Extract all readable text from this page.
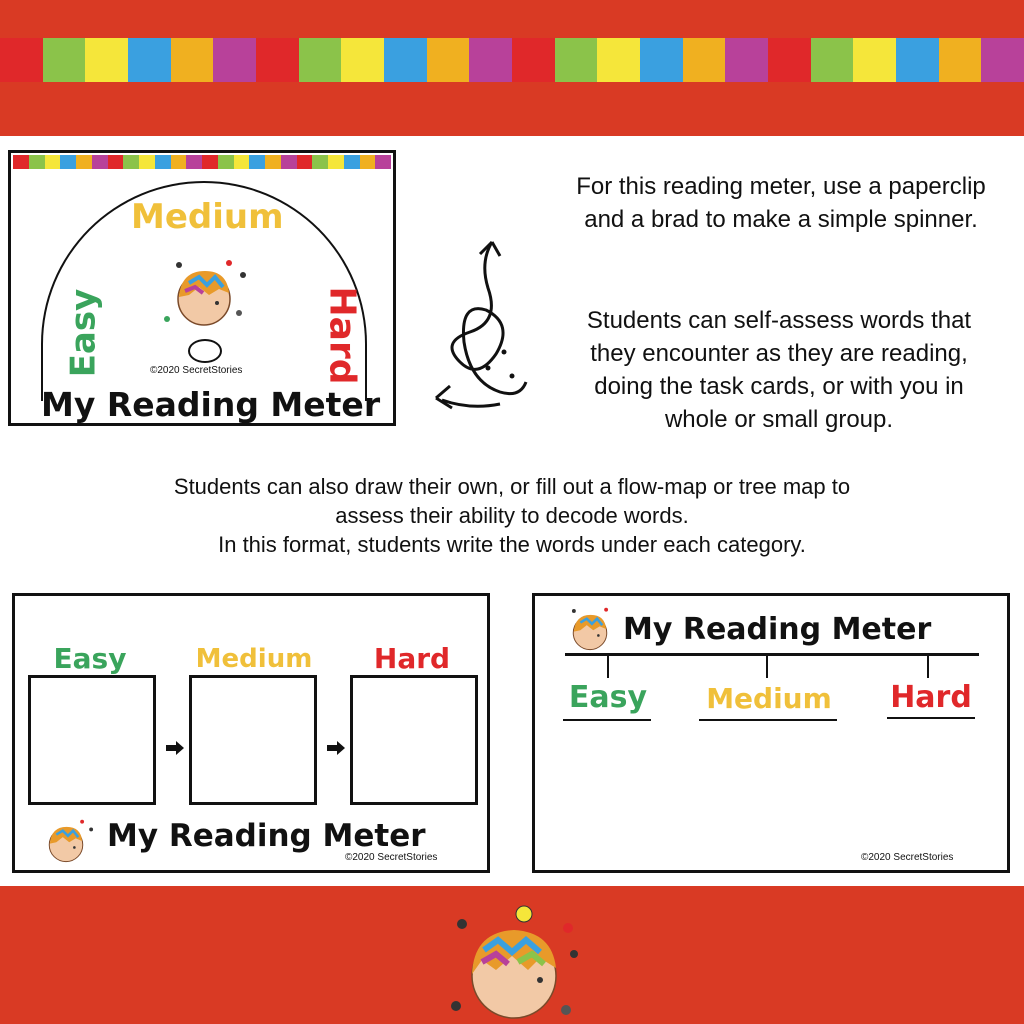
Medium
Easy	Hard
©2020 SecretStories
My Reading Meter
For this reading meter, use a paperclip and a brad to make a simple spinner.
Students can self-assess words that they encounter as they are reading, doing the task cards, or with you in whole or small group.
Students can also draw their own, or fill out a flow-map or tree map to
assess their ability to decode words.
In this format, students write the words under each category.
Easy	Medium	Hard
My Reading Meter
©2020 SecretStories
My Reading Meter
Easy Medium Hard
©2020 SecretStories
